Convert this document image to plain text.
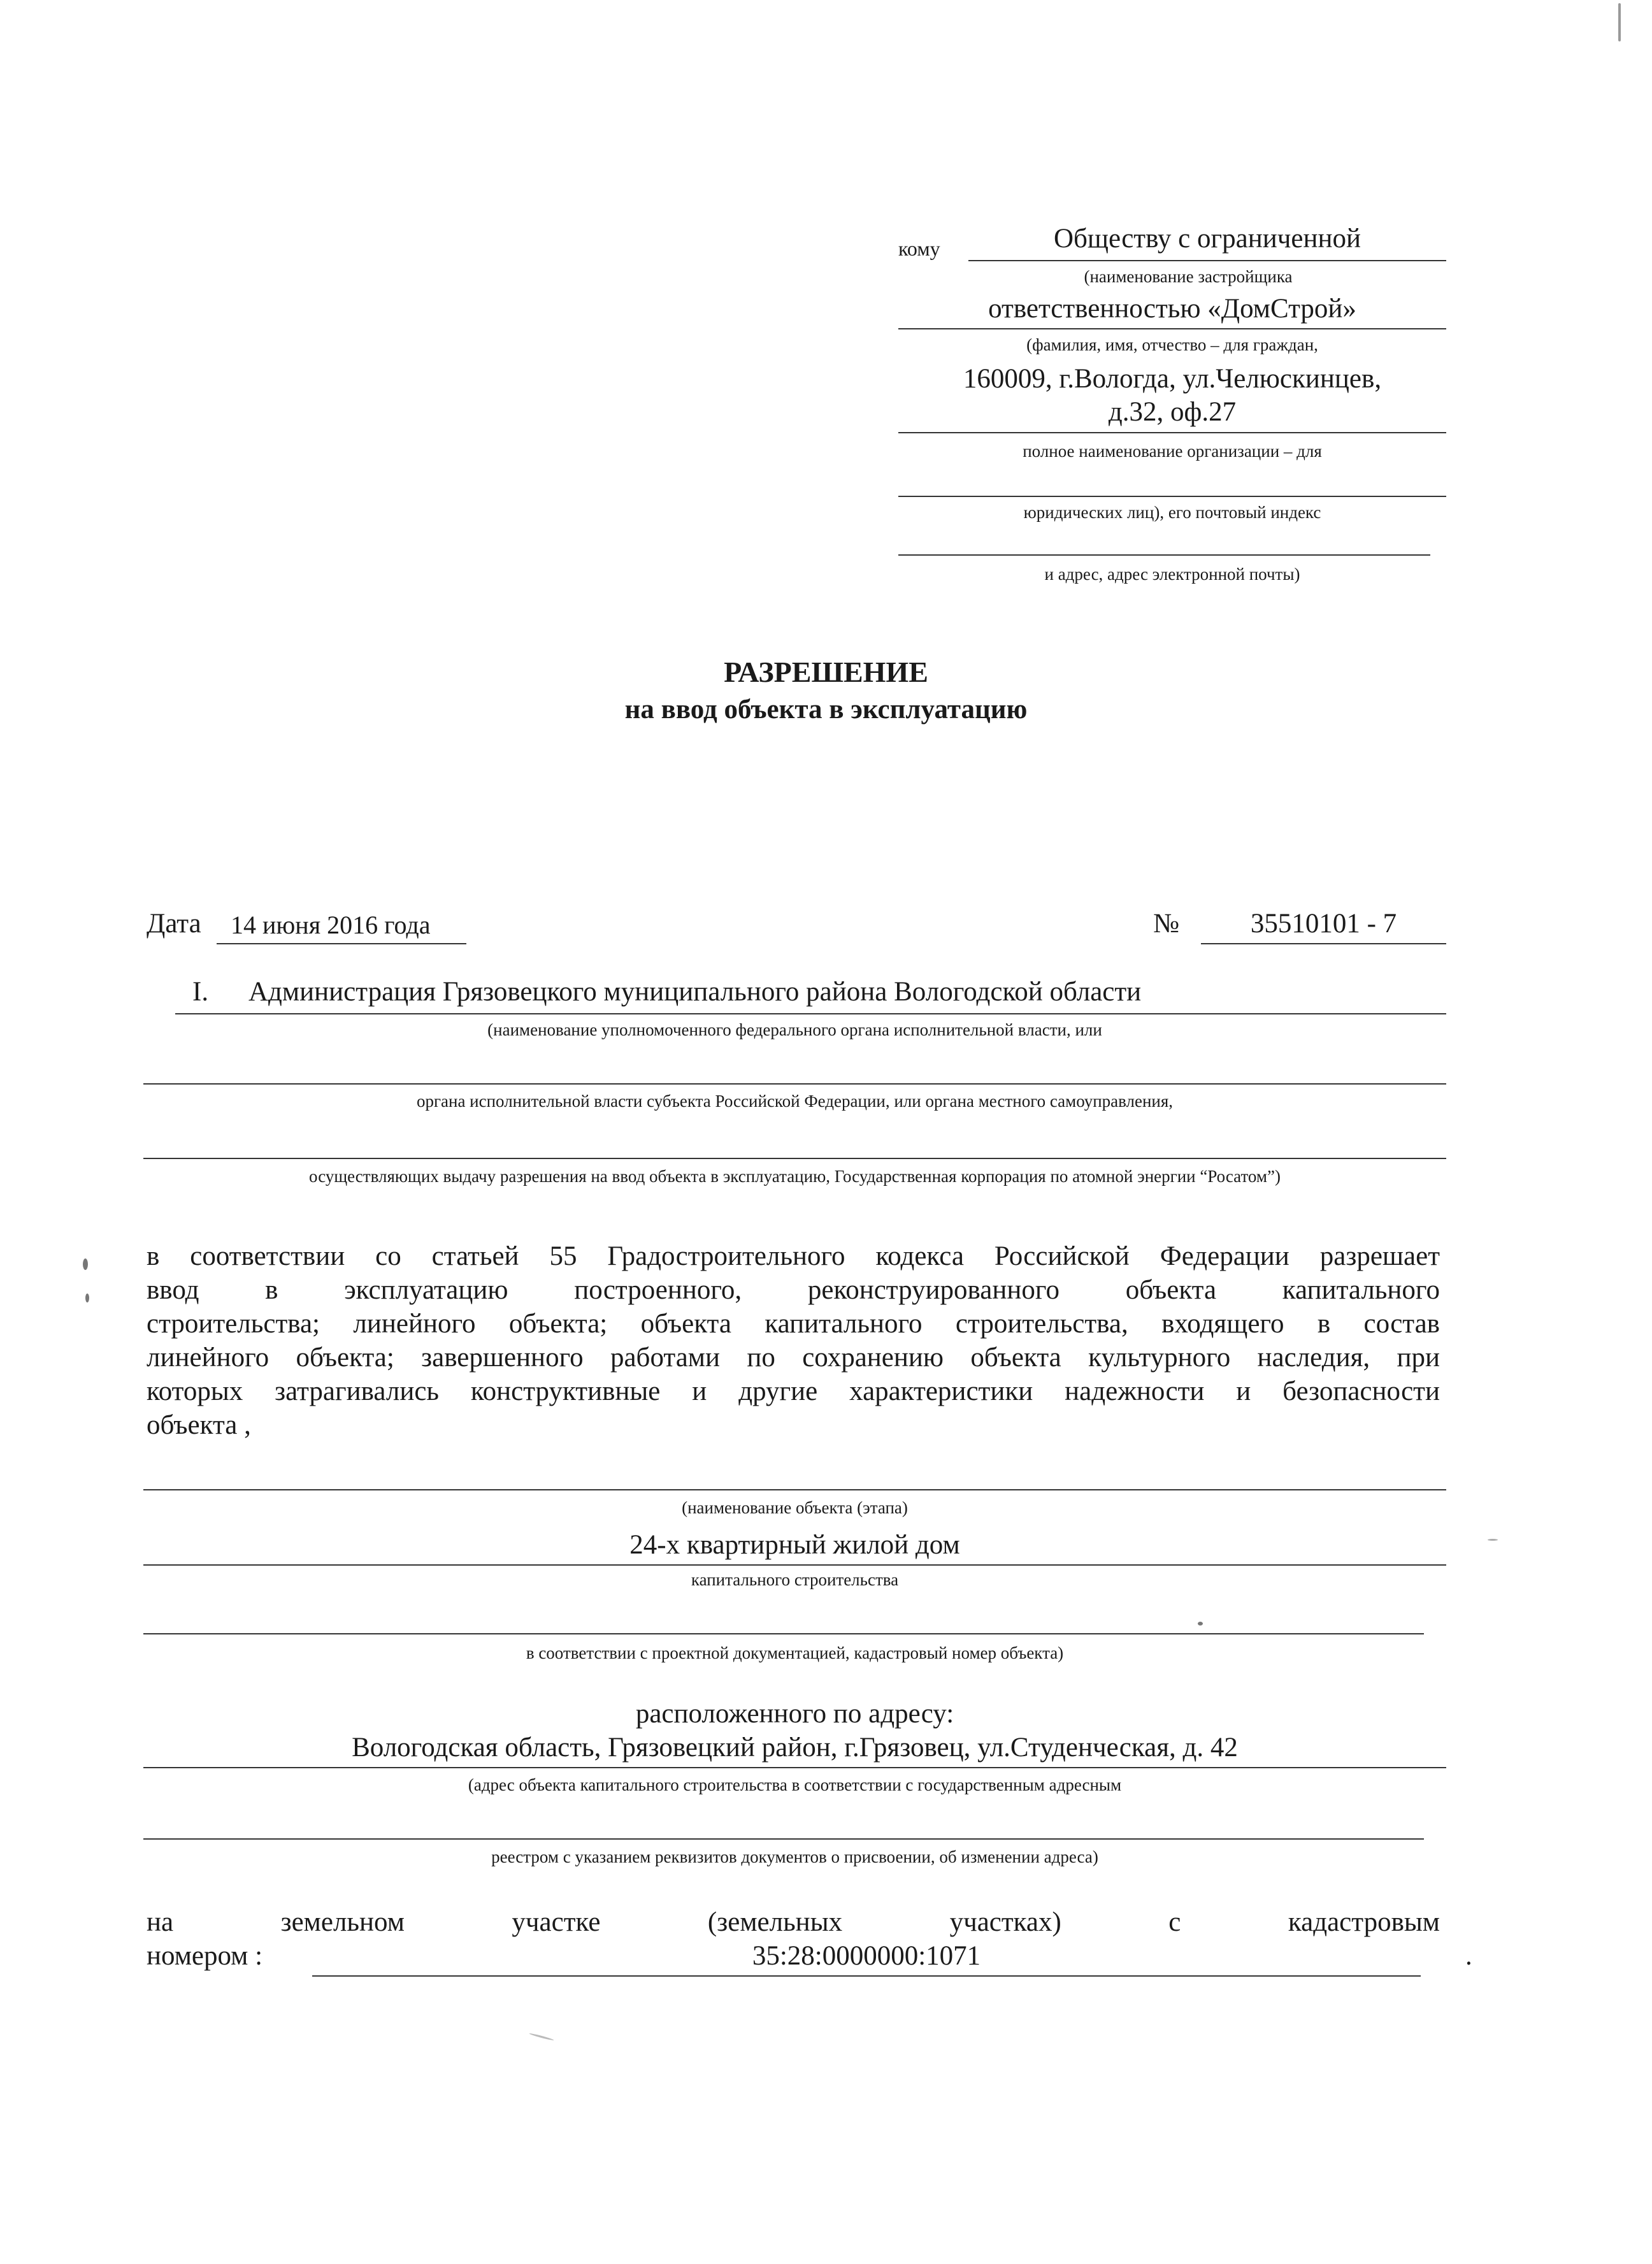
кому	Обществу с ограниченной
(наименование застройщика
ответственностью «ДомСтрой»
(фамилия, имя, отчество – для граждан,
160009, г.Вологда, ул.Челюскинцев,
д.32, оф.27
полное наименование организации – для
юридических лиц), его почтовый индекс
и адрес, адрес электронной почты)
РАЗРЕШЕНИЕ
на ввод объекта в эксплуатацию
Дата 14 июня 2016 года	№	35510101 - 7
I. Администрация Грязовецкого муниципального района Вологодской области
(наименование уполномоченного федерального органа исполнительной власти, или
органа исполнительной власти субъекта Российской Федерации, или органа местного самоуправления,
осуществляющих выдачу разрешения на ввод объекта в эксплуатацию, Государственная корпорация по атомной энергии “Росатом”)
в соответствии со статьей 55 Градостроительного кодекса Российской Федерации разрешает
ввод в эксплуатацию построенного, реконструированного объекта капитального
строительства; линейного объекта; объекта капитального строительства, входящего в состав
линейного объекта; завершенного работами по сохранению объекта культурного наследия, при
которых затрагивались конструктивные и другие характеристики надежности и безопасности
объекта ,
(наименование объекта (этапа)
24-х квартирный жилой дом
капитального строительства
в соответствии с проектной документацией, кадастровый номер объекта)
расположенного по адресу:
Вологодская область, Грязовецкий район, г.Грязовец, ул.Студенческая, д. 42
(адрес объекта капитального строительства в соответствии с государственным адресным
реестром с указанием реквизитов документов о присвоении, об изменении адреса)
на земельном участке (земельных участках) с кадастровым
номером :	35:28:0000000:1071	.
